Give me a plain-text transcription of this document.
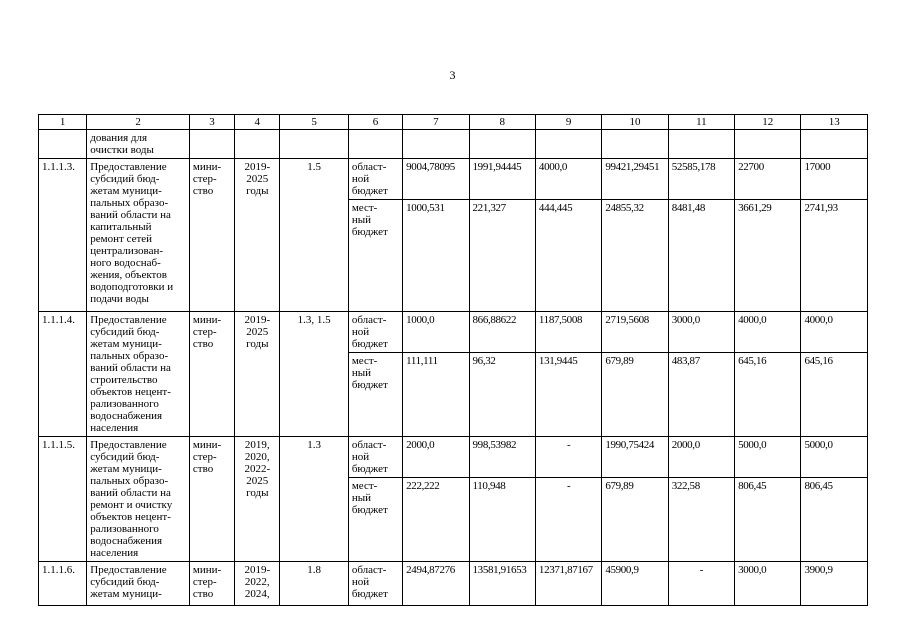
3
1	2	3	4	5	6	7	8	9	10	11	12	13
	дования для очистки воды											
1.1.1.3.	Предоставление субсидий бюд- жетам муници- пальных образо- ваний области на капитальный ремонт сетей централизован- ного водоснаб- жения, объектов водоподготовки и подачи воды	мини- стер- ство	2019- 2025 годы	1.5	област- ной бюджет	9004,78095	1991,94445	4000,0	99421,29451	52585,178	22700	17000
					мест- ный бюджет	1000,531	221,327	444,445	24855,32	8481,48	3661,29	2741,93
1.1.1.4.	Предоставление субсидий бюд- жетам муници- пальных образо- ваний области на строительство объектов нецент- рализованного водоснабжения населения	мини- стер- ство	2019- 2025 годы	1.3, 1.5	област- ной бюджет	1000,0	866,88622	1187,5008	2719,5608	3000,0	4000,0	4000,0
					мест- ный бюджет	111,111	96,32	131,9445	679,89	483,87	645,16	645,16
1.1.1.5.	Предоставление субсидий бюд- жетам муници- пальных образо- ваний области на ремонт и очистку объектов нецент- рализованного водоснабжения населения	мини- стер- ство	2019, 2020, 2022- 2025 годы	1.3	област- ной бюджет	2000,0	998,53982	-	1990,75424	2000,0	5000,0	5000,0
					мест- ный бюджет	222,222	110,948	-	679,89	322,58	806,45	806,45
1.1.1.6.	Предоставление субсидий бюд- жетам муници-	мини- стер- ство	2019- 2022, 2024,	1.8	област- ной бюджет	2494,87276	13581,91653	12371,87167	45900,9	-	3000,0	3900,9
